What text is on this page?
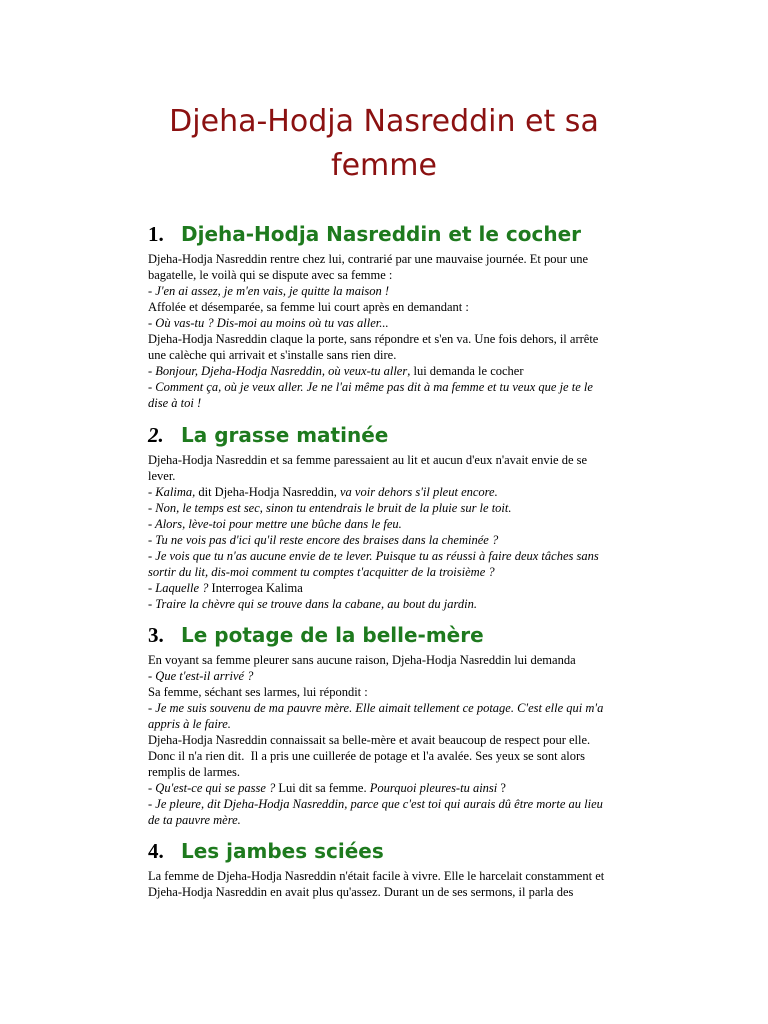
Djeha-Hodja Nasreddin et sa
femme
1. Djeha-Hodja Nasreddin et le cocher
Djeha-Hodja Nasreddin rentre chez lui, contrarié par une mauvaise journée. Et pour une
bagatelle, le voilà qui se dispute avec sa femme :
- J'en ai assez, je m'en vais, je quitte la maison !
Affolée et désemparée, sa femme lui court après en demandant :
- Où vas-tu ? Dis-moi au moins où tu vas aller...
Djeha-Hodja Nasreddin claque la porte, sans répondre et s'en va. Une fois dehors, il arrête
une calèche qui arrivait et s'installe sans rien dire.
- Bonjour, Djeha-Hodja Nasreddin, où veux-tu aller, lui demanda le cocher
- Comment ça, où je veux aller. Je ne l'ai même pas dit à ma femme et tu veux que je te le
dise à toi !
2. La grasse matinée
Djeha-Hodja Nasreddin et sa femme paressaient au lit et aucun d'eux n'avait envie de se
lever.
- Kalima, dit Djeha-Hodja Nasreddin, va voir dehors s'il pleut encore.
- Non, le temps est sec, sinon tu entendrais le bruit de la pluie sur le toit.
- Alors, lève-toi pour mettre une bûche dans le feu.
- Tu ne vois pas d'ici qu'il reste encore des braises dans la cheminée ?
- Je vois que tu n'as aucune envie de te lever. Puisque tu as réussi à faire deux tâches sans
sortir du lit, dis-moi comment tu comptes t'acquitter de la troisième ?
- Laquelle ? Interrogea Kalima
- Traire la chèvre qui se trouve dans la cabane, au bout du jardin.
3. Le potage de la belle-mère
En voyant sa femme pleurer sans aucune raison, Djeha-Hodja Nasreddin lui demanda
- Que t'est-il arrivé ?
Sa femme, séchant ses larmes, lui répondit :
- Je me suis souvenu de ma pauvre mère. Elle aimait tellement ce potage. C'est elle qui m'a
appris à le faire.
Djeha-Hodja Nasreddin connaissait sa belle-mère et avait beaucoup de respect pour elle.
Donc il n'a rien dit.  Il a pris une cuillerée de potage et l'a avalée. Ses yeux se sont alors
remplis de larmes.
- Qu'est-ce qui se passe ? Lui dit sa femme. Pourquoi pleures-tu ainsi ?
- Je pleure, dit Djeha-Hodja Nasreddin, parce que c'est toi qui aurais dû être morte au lieu
de ta pauvre mère.
4. Les jambes sciées
La femme de Djeha-Hodja Nasreddin n'était facile à vivre. Elle le harcelait constamment et
Djeha-Hodja Nasreddin en avait plus qu'assez. Durant un de ses sermons, il parla des
